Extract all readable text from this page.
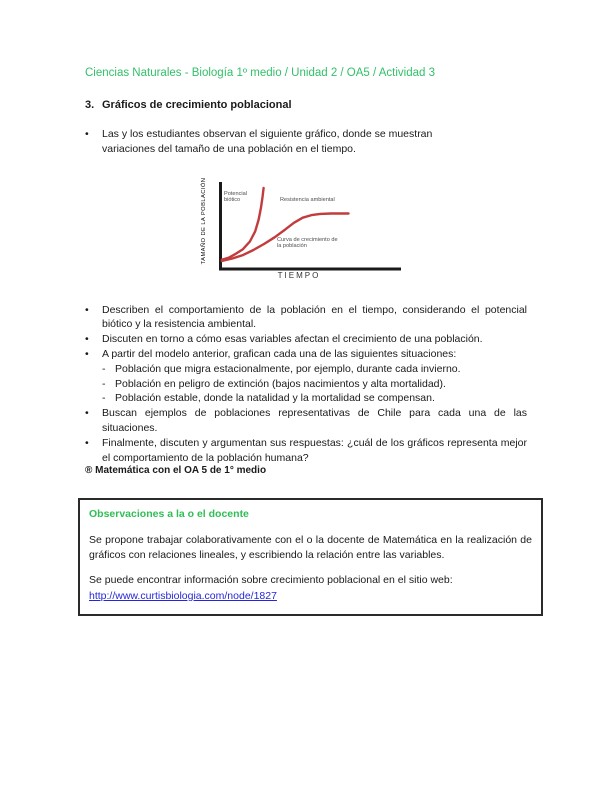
Ciencias Naturales - Biología 1º medio / Unidad 2 / OA5 / Actividad 3
3. Gráficos de crecimiento poblacional
•	Las y los estudiantes observan el siguiente gráfico, donde se muestran variaciones del tamaño de una población en el tiempo.
TAMAÑO DE LA POBLACIÓN	Potencial biótico	Resistencia ambiental
Curva de crecimiento de la población
TIEMPO
•	Describen el comportamiento de la población en el tiempo, considerando el potencial biótico y la resistencia ambiental.
•	Discuten en torno a cómo esas variables afectan el crecimiento de una población.
•	A partir del modelo anterior, grafican cada una de las siguientes situaciones:
- Población que migra estacionalmente, por ejemplo, durante cada invierno.
- Población en peligro de extinción (bajos nacimientos y alta mortalidad).
- Población estable, donde la natalidad y la mortalidad se compensan.
•	Buscan ejemplos de poblaciones representativas de Chile para cada una de las situaciones.
•	Finalmente, discuten y argumentan sus respuestas: ¿cuál de los gráficos representa mejor el comportamiento de la población humana?
® Matemática con el OA 5 de 1° medio
Observaciones a la o el docente
Se propone trabajar colaborativamente con el o la docente de Matemática en la realización de gráficos con relaciones lineales, y escribiendo la relación entre las variables.
Se puede encontrar información sobre crecimiento poblacional en el sitio web:
http://www.curtisbiologia.com/node/1827
